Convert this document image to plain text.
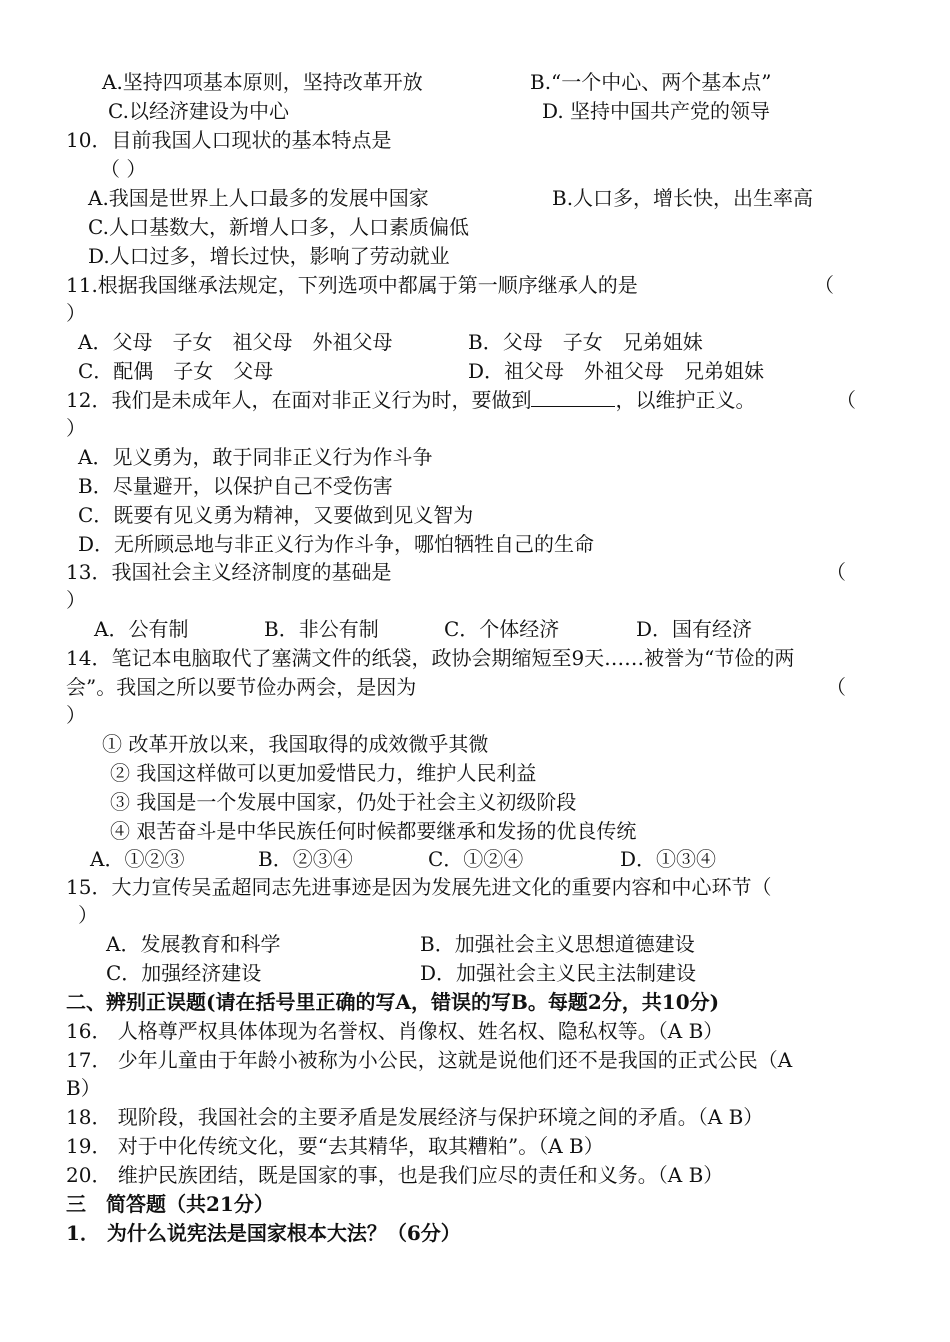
A.坚持四项基本原则，坚持改革开放	B.“一个中心、两个基本点”
C.以经济建设为中心	D. 坚持中国共产党的领导
10．目前我国人口现状的基本特点是
（ ）
A.我国是世界上人口最多的发展中国家	B.人口多，增长快，出生率高
C.人口基数大，新增人口多，人口素质偏低
D.人口过多，增长过快，影响了劳动就业
11.根据我国继承法规定，下列选项中都属于第一顺序继承人的是	（
）
A．父母　子女　祖父母　外祖父母	B．父母　子女　兄弟姐妹
C．配偶　子女　父母	D．祖父母　外祖父母　兄弟姐妹
12．我们是未成年人，在面对非正义行为时，要做到	，以维护正义。	（
）
A．见义勇为，敢于同非正义行为作斗争
B．尽量避开，以保护自己不受伤害
C．既要有见义勇为精神，又要做到见义智为
D．无所顾忌地与非正义行为作斗争，哪怕牺牲自己的生命
13．我国社会主义经济制度的基础是	（
）
A．公有制	B．非公有制	C．个体经济	D．国有经济
14．笔记本电脑取代了塞满文件的纸袋，政协会期缩短至9天……被誉为“节俭的两
会”。我国之所以要节俭办两会，是因为	（
）
① 改革开放以来，我国取得的成效微乎其微
② 我国这样做可以更加爱惜民力，维护人民利益
③ 我国是一个发展中国家，仍处于社会主义初级阶段
④ 艰苦奋斗是中华民族任何时候都要继承和发扬的优良传统
A．①②③	B．②③④	C．①②④	D．①③④
15．大力宣传吴孟超同志先进事迹是因为发展先进文化的重要内容和中心环节（
）
A．发展教育和科学	B．加强社会主义思想道德建设
C．加强经济建设	D．加强社会主义民主法制建设
二、辨别正误题(请在括号里正确的写A，错误的写B。每题2分，共10分)
16． 人格尊严权具体体现为名誉权、肖像权、姓名权、隐私权等。（A B）
17． 少年儿童由于年龄小被称为小公民，这就是说他们还不是我国的正式公民（A
B）
18． 现阶段，我国社会的主要矛盾是发展经济与保护环境之间的矛盾。（A B）
19． 对于中化传统文化，要“去其精华，取其糟粕”。（A B）
20． 维护民族团结，既是国家的事，也是我们应尽的责任和义务。（A B）
三　简答题（共21分）
1． 为什么说宪法是国家根本大法？（6分）
